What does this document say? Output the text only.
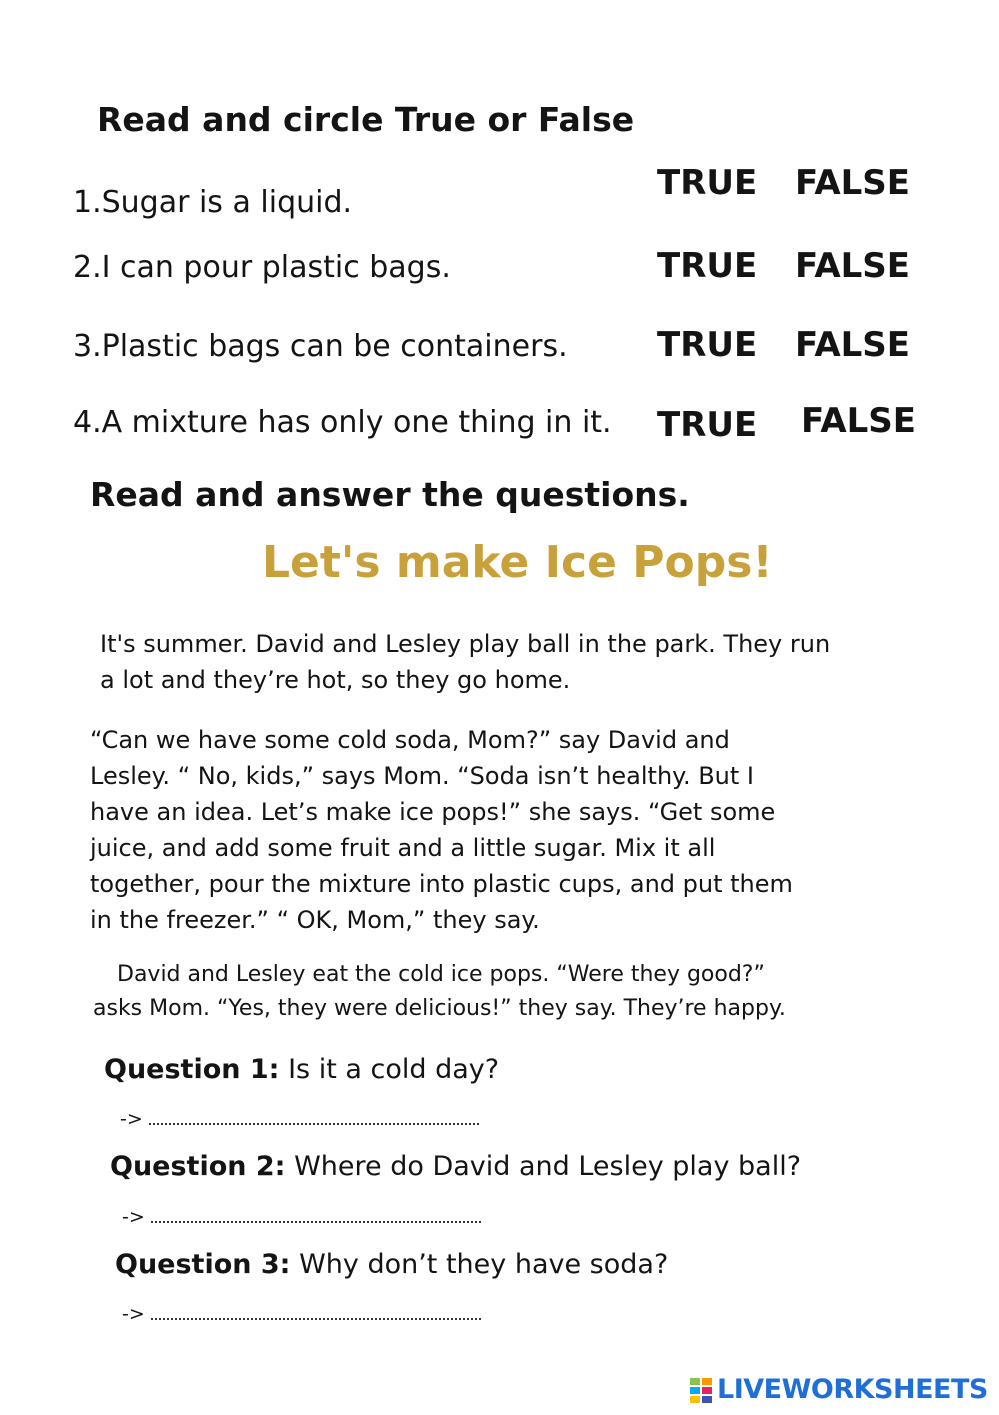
Read and circle True or False
1.Sugar is a liquid.	TRUE FALSE
2.I can pour plastic bags.	TRUE FALSE
3.Plastic bags can be containers.	TRUE FALSE
4.A mixture has only one thing in it. TRUE FALSE
Read and answer the questions.
Let's make Ice Pops!

It's summer. David and Lesley play ball in the park. They run

a lot and they’re hot, so they go home.

“Can we have some cold soda, Mom?” say David and

Lesley. “ No, kids,” says Mom. “Soda isn’t healthy. But I

have an idea. Let’s make ice pops!” she says. “Get some

juice, and add some fruit and a little sugar. Mix it all

together, pour the mixture into plastic cups, and put them

in the freezer.” “ OK, Mom,” they say.

David and Lesley eat the cold ice pops. “Were they good?”

asks Mom. “Yes, they were delicious!” they say. They’re happy.

Question 1: Is it a cold day?
->
Question 2: Where do David and Lesley play ball?
->
Question 3: Why don’t they have soda?
->
LIVEWORKSHEETS
